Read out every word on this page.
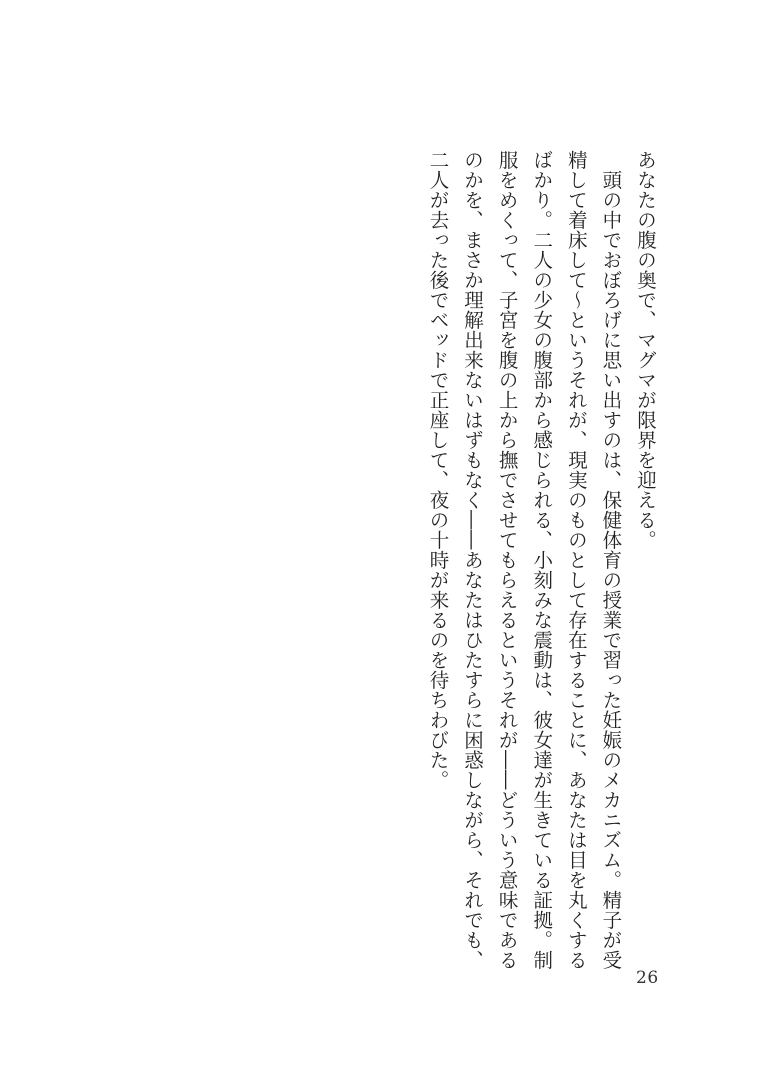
あなたの腹の奥で、マグマが限界を迎える。

頭の中でおぼろげに思い出すのは、保健体育の授業で習った妊娠のメカニズム。精子が受精して着床して～というそれが、現実のものとして存在することに、あなたは目を丸くするばかり。二人の少女の腹部から感じられる、小刻みな震動は、彼女達が生きている証拠。制服をめくって、子宮を腹の上から撫でさせてもらえるというそれが――どういう意味であるのかを、まさか理解出来ないはずもなく――あなたはひたすらに困惑しながら、それでも、二人が去った後でベッドで正座して、夜の十時が来るのを待ちわびた。

26
